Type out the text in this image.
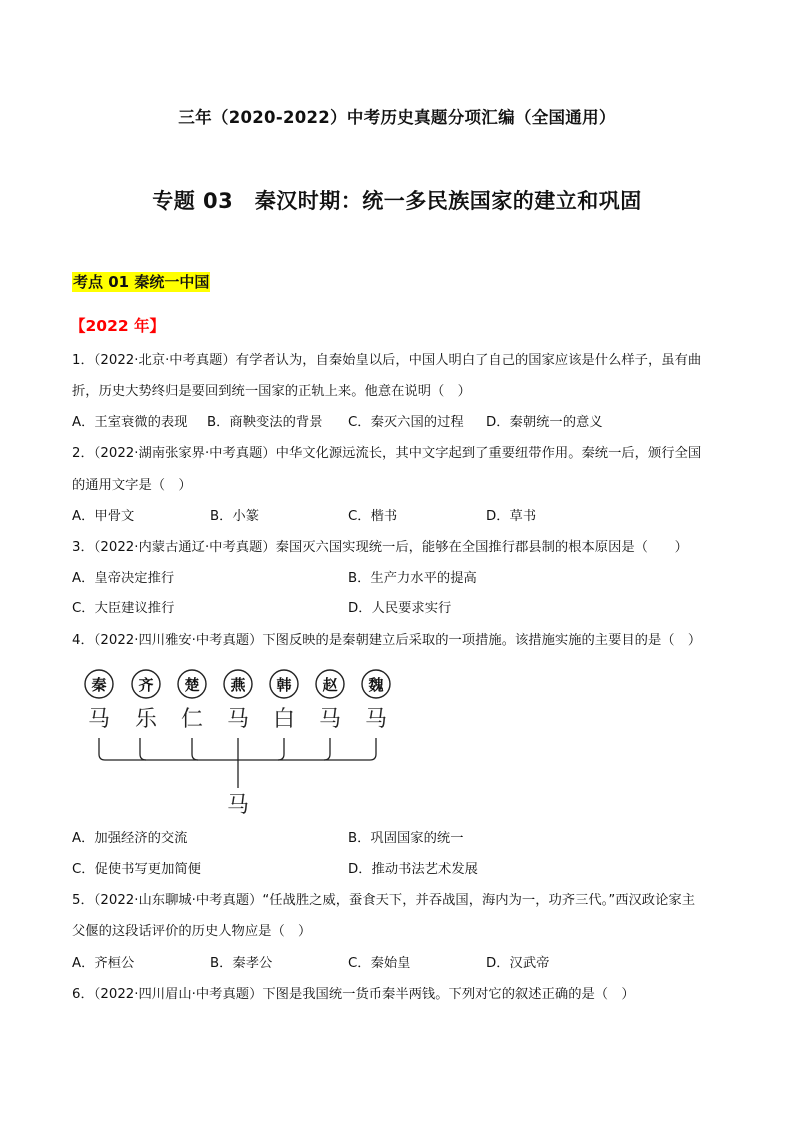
三年（2020-2022）中考历史真题分项汇编（全国通用）
专题 03　秦汉时期：统一多民族国家的建立和巩固
考点 01 秦统一中国
【2022 年】
1．（2022·北京·中考真题）有学者认为，自秦始皇以后，中国人明白了自己的国家应该是什么样子，虽有曲
折，历史大势终归是要回到统一国家的正轨上来。他意在说明（　）
A．王室衰微的表现 B．商鞅变法的背景 C．秦灭六国的过程 D．秦朝统一的意义
2．（2022·湖南张家界·中考真题）中华文化源远流长，其中文字起到了重要纽带作用。秦统一后，颁行全国
的通用文字是（　）
A．甲骨文	B．小篆	C．楷书	D．草书
3．（2022·内蒙古通辽·中考真题）秦国灭六国实现统一后，能够在全国推行郡县制的根本原因是（　　）
A．皇帝决定推行	B．生产力水平的提高
C．大臣建议推行	D．人民要求实行
4．（2022·四川雅安·中考真题）下图反映的是秦朝建立后采取的一项措施。该措施实施的主要目的是（　）
秦 齐 楚 燕 韩 赵 魏
马 乐 仁 马 白 马 马
马
A．加强经济的交流	B．巩固国家的统一
C．促使书写更加简便	D．推动书法艺术发展
5．（2022·山东聊城·中考真题）“任战胜之威，蚕食天下，并吞战国，海内为一，功齐三代。”西汉政论家主
父偃的这段话评价的历史人物应是（　）
A．齐桓公	B．秦孝公	C．秦始皇	D．汉武帝
6．（2022·四川眉山·中考真题）下图是我国统一货币秦半两钱。下列对它的叙述正确的是（　）
